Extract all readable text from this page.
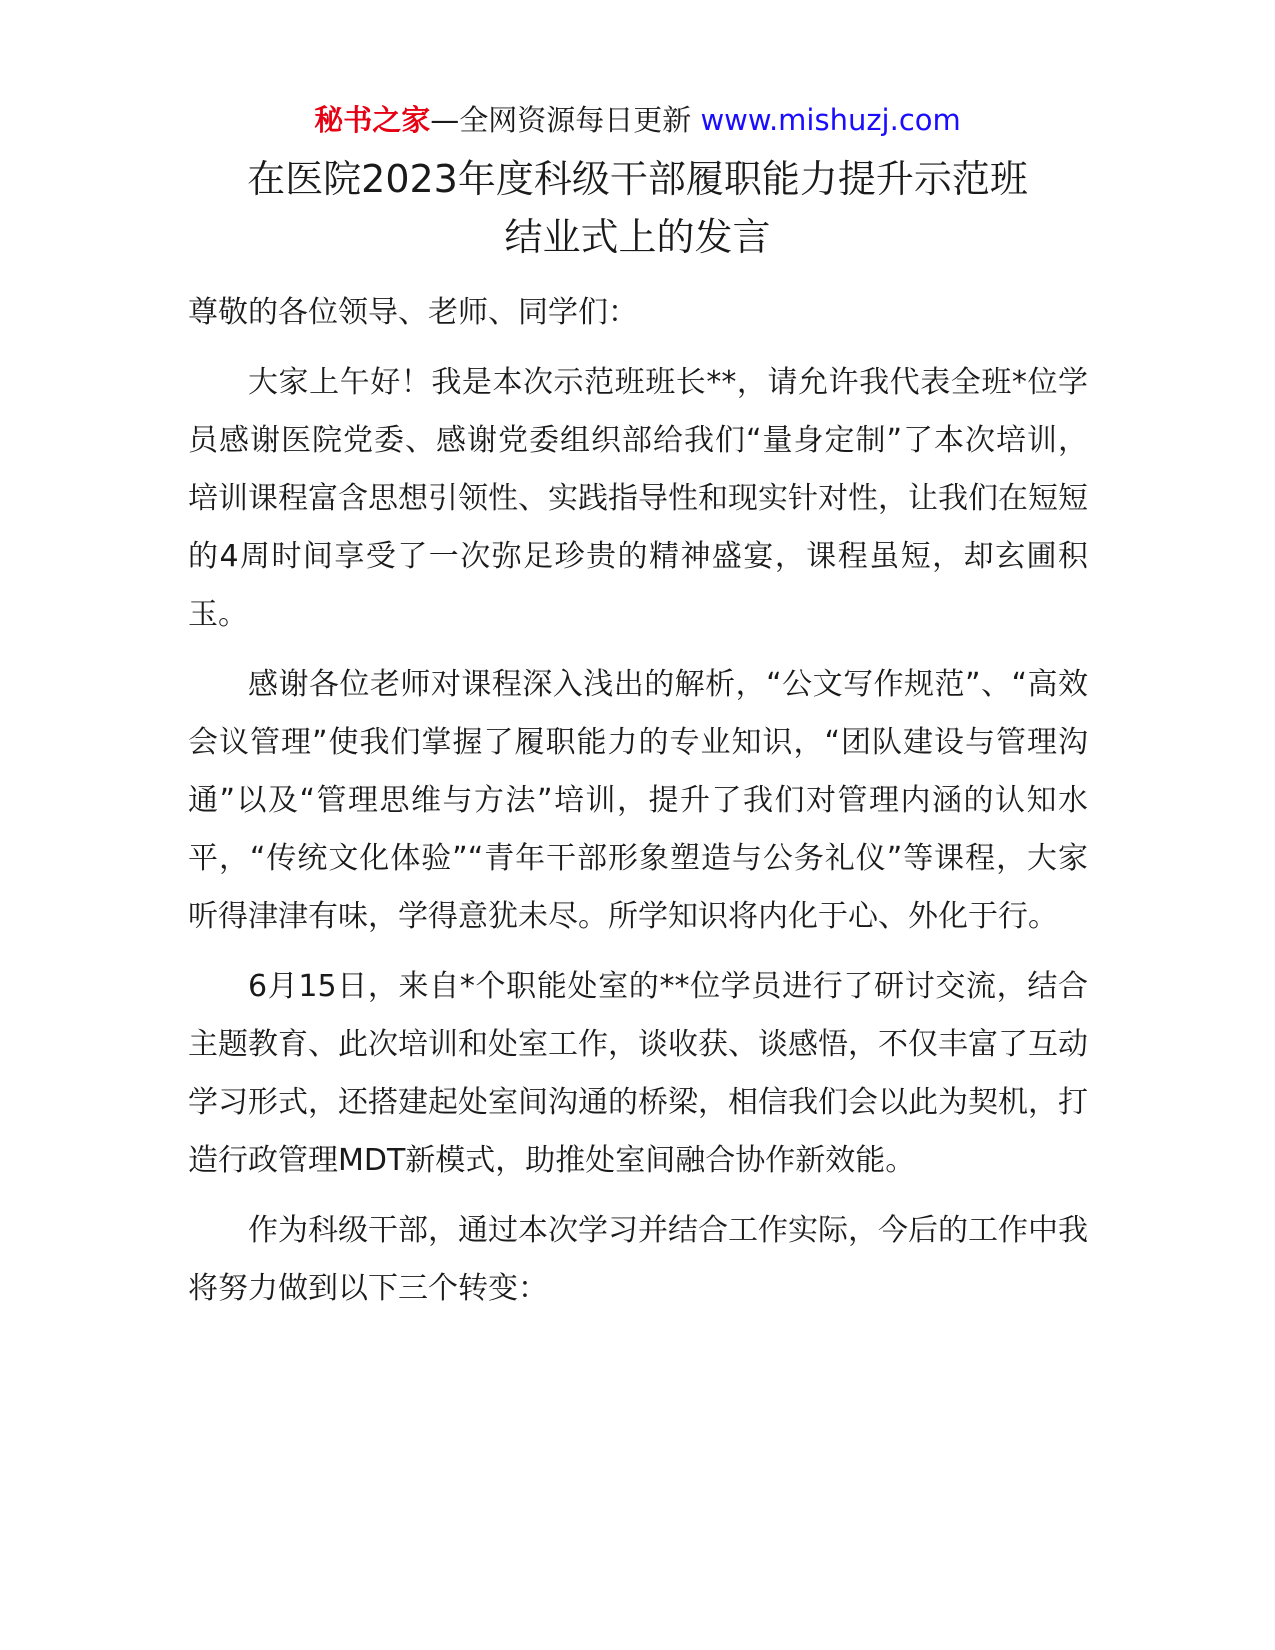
秘书之家—全网资源每日更新 www.mishuzj.com
在医院2023年度科级干部履职能力提升示范班
结业式上的发言

尊敬的各位领导、老师、同学们：

大家上午好！我是本次示范班班长**，请允许我代表全班*位学员感谢医院党委、感谢党委组织部给我们“量身定制”了本次培训，培训课程富含思想引领性、实践指导性和现实针对性，让我们在短短的4周时间享受了一次弥足珍贵的精神盛宴，课程虽短，却玄圃积玉。

感谢各位老师对课程深入浅出的解析，“公文写作规范”、“高效会议管理”使我们掌握了履职能力的专业知识，“团队建设与管理沟通”以及“管理思维与方法”培训，提升了我们对管理内涵的认知水平，“传统文化体验”“青年干部形象塑造与公务礼仪”等课程，大家听得津津有味，学得意犹未尽。所学知识将内化于心、外化于行。

6月15日，来自*个职能处室的**位学员进行了研讨交流，结合主题教育、此次培训和处室工作，谈收获、谈感悟，不仅丰富了互动学习形式，还搭建起处室间沟通的桥梁，相信我们会以此为契机，打造行政管理MDT新模式，助推处室间融合协作新效能。

作为科级干部，通过本次学习并结合工作实际，今后的工作中我将努力做到以下三个转变：
